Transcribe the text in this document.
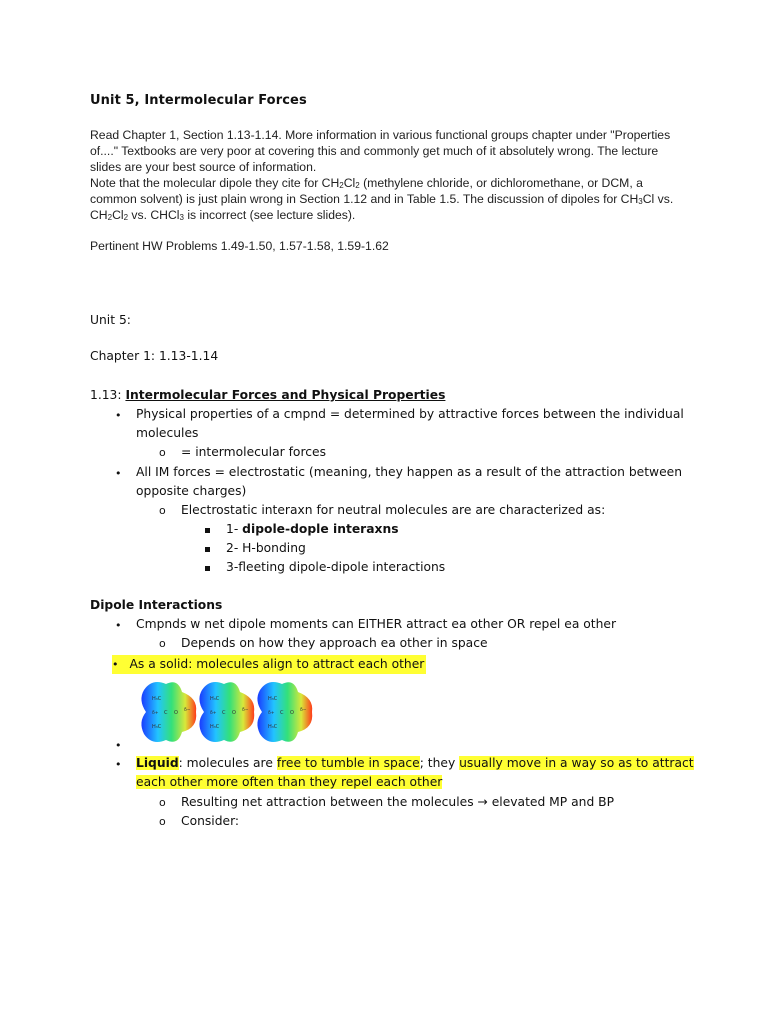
Unit 5, Intermolecular Forces

Read Chapter 1, Section 1.13-1.14. More information in various functional groups chapter under "Properties of...." Textbooks are very poor at covering this and commonly get much of it absolutely wrong. The lecture slides are your best source of information.

Note that the molecular dipole they cite for $CH_2Cl_2$ (methylene chloride, or dichloromethane, or DCM, a common solvent) is just plain wrong in Section 1.12 and in Table 1.5. The discussion of dipoles for $CH_3Cl$ vs. $CH_2Cl_2$ vs. CHCl$_3$ is incorrect (see lecture slides).

Pertinent HW Problems 1.49-1.50, 1.57-1.58, 1.59-1.62
Unit 5:
Chapter 1: 1.13-1.14
1.13: Intermolecular Forces and Physical Properties
• Physical properties of a cmpnd = determined by attractive forces between the individual
molecules
o = intermolecular forces
• All IM forces = electrostatic (meaning, they happen as a result of the attraction between
opposite charges)
o Electrostatic interaxn for neutral molecules are are characterized as:
1- dipole-dople interaxns
2- H-bonding
3-fleeting dipole-dipole interactions
Dipole Interactions
• Cmpnds w net dipole moments can EITHER attract ea other OR repel ea other
o Depends on how they approach ea other in space
• As a solid: molecules align to attract each other
H₃C
H₃C
δ+ C O δ−
H₃C
H₃C
δ+ C O δ−
H₃C
H₃C
δ+ C O δ−
•
• Liquid: molecules are free to tumble in space; they usually move in a way so as to attract
each other more often than they repel each other
o Resulting net attraction between the molecules → elevated MP and BP
o Consider:
